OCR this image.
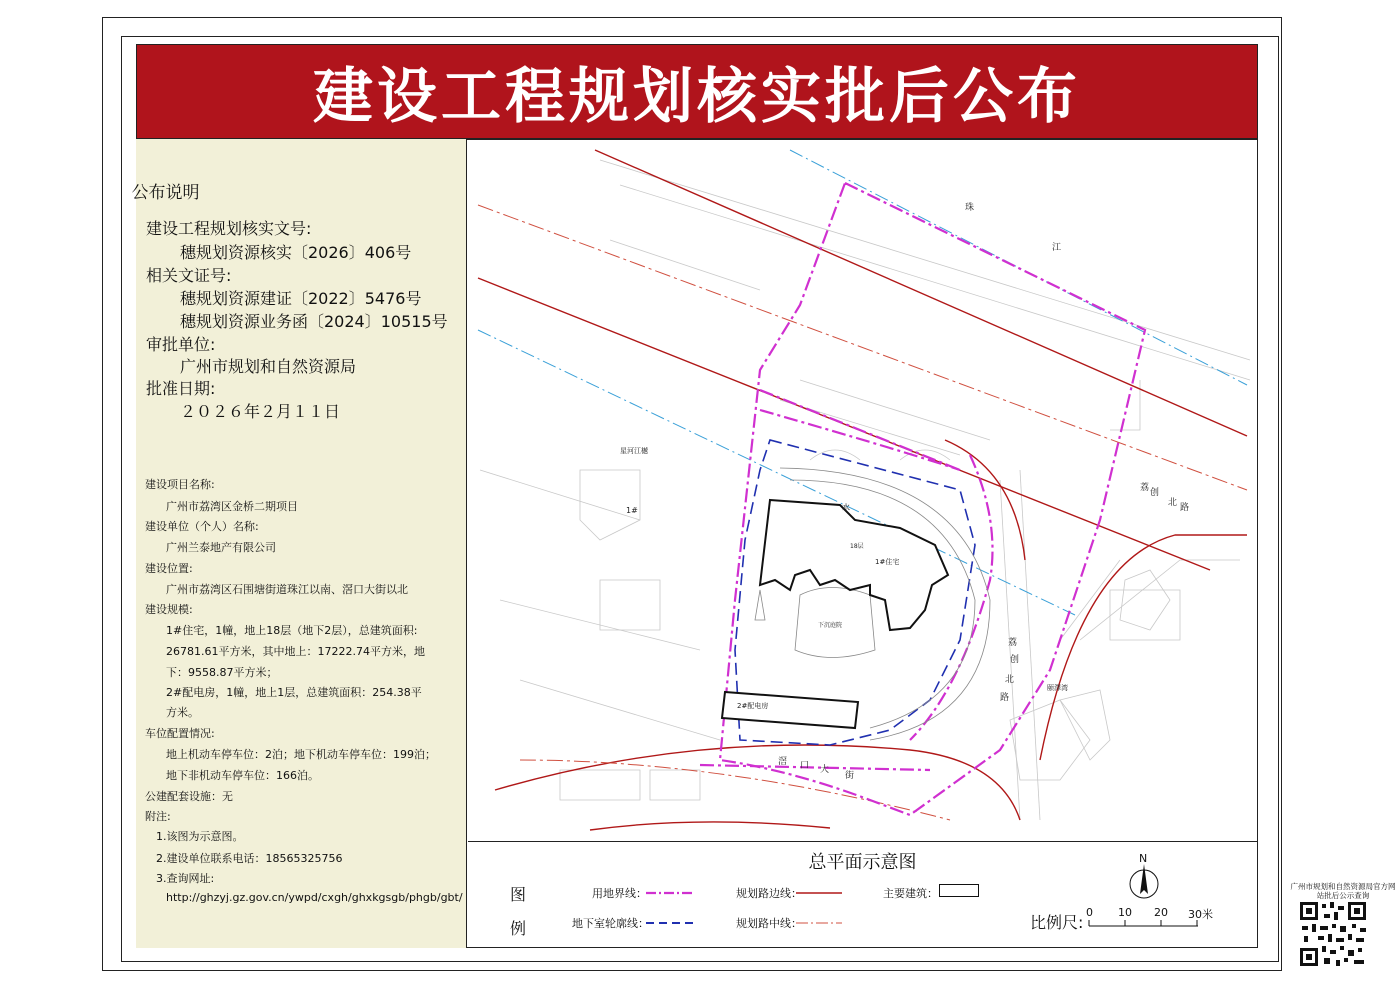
建设工程规划核实批后公布
公布说明
建设工程规划核实文号:
穗规划资源核实〔2026〕406号
相关文证号:
穗规划资源建证〔2022〕5476号
穗规划资源业务函〔2024〕10515号
审批单位:
广州市规划和自然资源局
批准日期:
２０２６年２月１１日
建设项目名称:
广州市荔湾区金桥二期项目
建设单位（个人）名称:
广州兰泰地产有限公司
建设位置:
广州市荔湾区石围塘街道珠江以南、滘口大街以北
建设规模:
1#住宅，1幢，地上18层（地下2层），总建筑面积:
26781.61平方米，其中地上：17222.74平方米，地
下：9558.87平方米；
2#配电房，1幢，地上1层，总建筑面积：254.38平
方米。
车位配置情况:
地上机动车停车位：2泊；地下机动车停车位：199泊；
地下非机动车停车位：166泊。
公建配套设施：无
附注:
1.该图为示意图。
2.建设单位联系电话：18565325756
3.查询网址:
http://ghzyj.gz.gov.cn/ywpd/cxgh/ghxkgsgb/phgb/gbt/
珠
江
荔 创
北 路
荔
创
北
路
滘 口 大
街
1#
1#住宅
18层
下沉庭院
2#配电房
星河江樾
颐澤湾
水
总平面示意图
图
例
用地界线：	规划路边线：	主要建筑：
地下室轮廓线：	规划路中线：
N
比例尺:
0 10 20 30米
广州市规划和自然资源局官方网站批后公示查询
